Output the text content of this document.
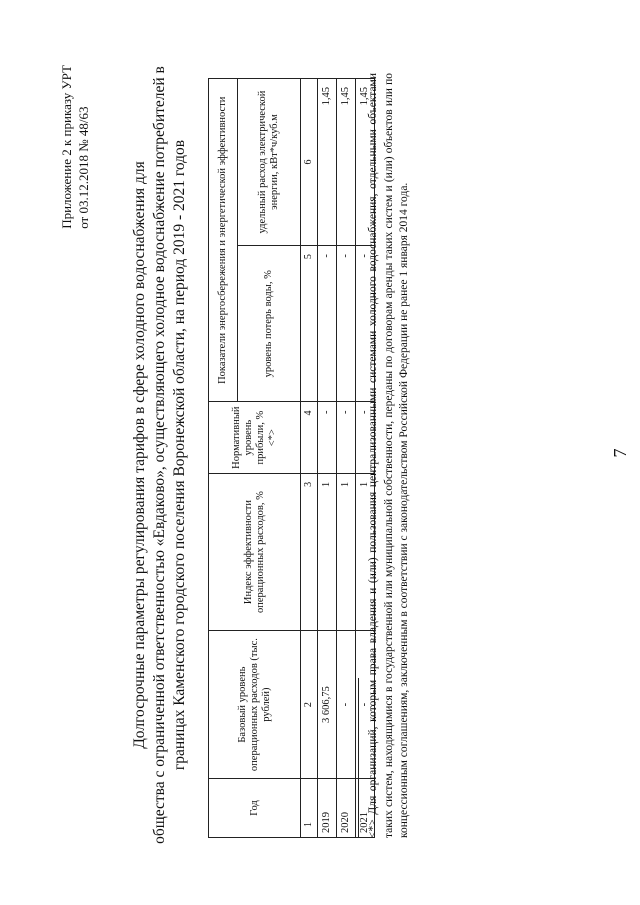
7
Приложение 2 к приказу УРТ от 03.12.2018 № 48/63	Долгосрочные параметры регулирования тарифов в сфере холодного водоснабжения для общества с ограниченной ответственностью «Евдаково», осуществляющего холодное водоснабжение потребителей в границах Каменского городского поселения Воронежской области, на период 2019 - 2021 годов
Год	Базовый уровень операционных расходов (тыс. рублей)	Индекс эффективности операционных расходов, %	Нормативный уровень прибыли, % <*>	Показатели энергосбережения и энергетической эффективности	
				уровень потерь воды, %	удельный расход электрической энергии, кВт*ч/куб.м
1	2	3	4	5	6
2019	3 606,75	1	-	-	1,45
2020	-	1	-	-	1,45
2021	-	1	-	-	1,45
<*> Для организаций, которым права владения и (или) пользования централизованными системами холодного водоснабжения, отдельными объектами таких систем, находящимися в государственной или муниципальной собственности, переданы по договорам аренды таких систем и (или) объектов или по концессионным соглашениям, заключенным в соответствии с законодательством Российской Федерации не ранее 1 января 2014 года.
